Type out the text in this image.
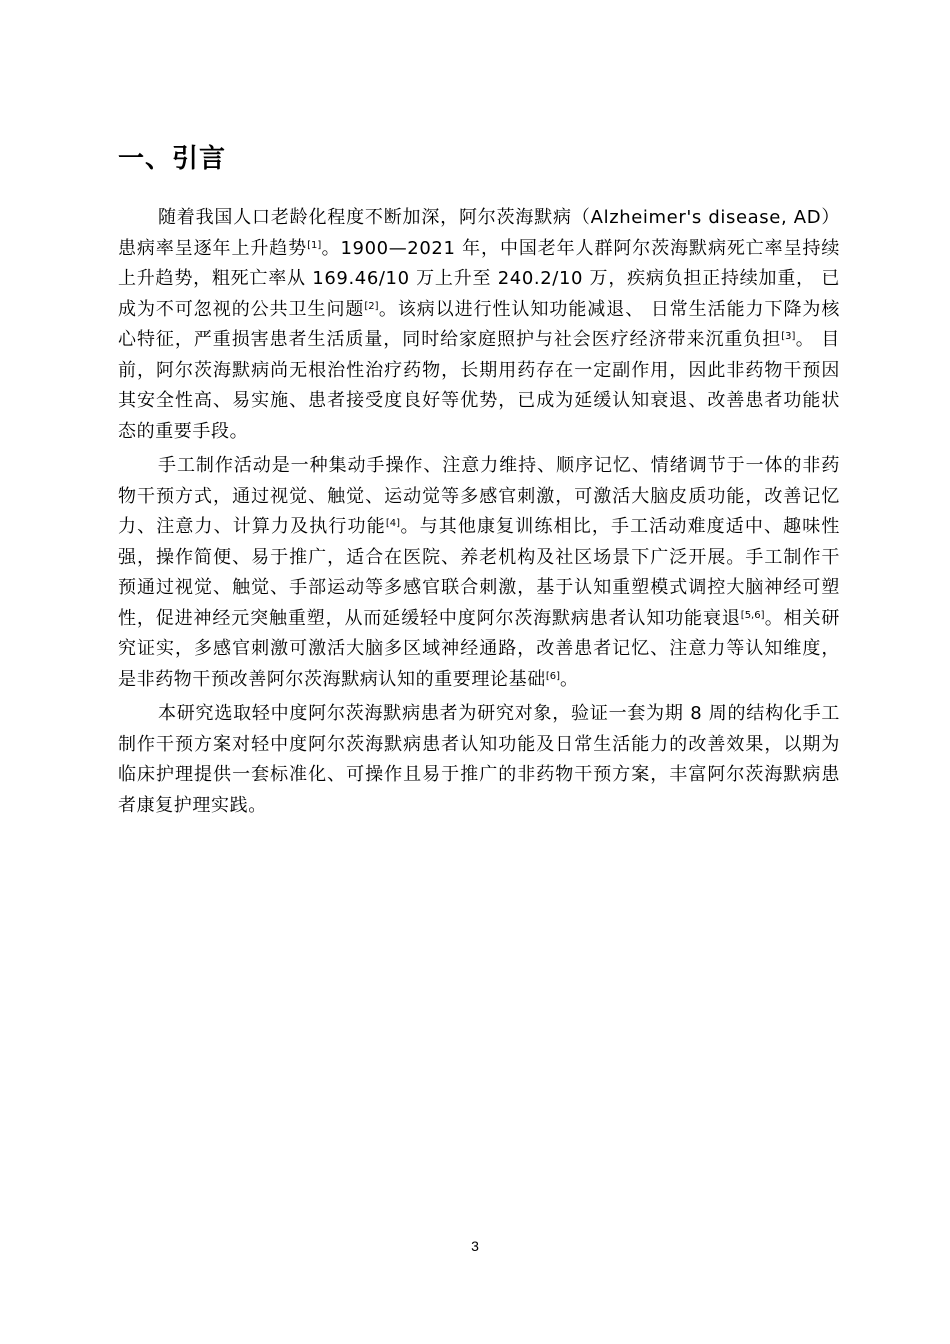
一、引言

随着我国人口老龄化程度不断加深，阿尔茨海默病（Alzheimer's disease, AD）患病率呈逐年上升趋势[1]。1900—2021 年，中国老年人群阿尔茨海默病死亡率呈持续上升趋势，粗死亡率从 169.46/10 万上升至 240.2/10 万，疾病负担正持续加重， 已成为不可忽视的公共卫生问题[2]。该病以进行性认知功能减退、 日常生活能力下降为核心特征，严重损害患者生活质量，同时给家庭照护与社会医疗经济带来沉重负担[3]。 目前，阿尔茨海默病尚无根治性治疗药物，长期用药存在一定副作用，因此非药物干预因其安全性高、易实施、患者接受度良好等优势，已成为延缓认知衰退、改善患者功能状态的重要手段。

手工制作活动是一种集动手操作、注意力维持、顺序记忆、情绪调节于一体的非药物干预方式，通过视觉、触觉、运动觉等多感官刺激，可激活大脑皮质功能，改善记忆力、注意力、计算力及执行功能[4]。与其他康复训练相比，手工活动难度适中、趣味性强，操作简便、易于推广，适合在医院、养老机构及社区场景下广泛开展。手工制作干预通过视觉、触觉、手部运动等多感官联合刺激，基于认知重塑模式调控大脑神经可塑性，促进神经元突触重塑，从而延缓轻中度阿尔茨海默病患者认知功能衰退[5,6]。相关研究证实，多感官刺激可激活大脑多区域神经通路，改善患者记忆、注意力等认知维度，是非药物干预改善阿尔茨海默病认知的重要理论基础[6]。

本研究选取轻中度阿尔茨海默病患者为研究对象，验证一套为期 8 周的结构化手工制作干预方案对轻中度阿尔茨海默病患者认知功能及日常生活能力的改善效果，以期为临床护理提供一套标准化、可操作且易于推广的非药物干预方案，丰富阿尔茨海默病患者康复护理实践。

3
